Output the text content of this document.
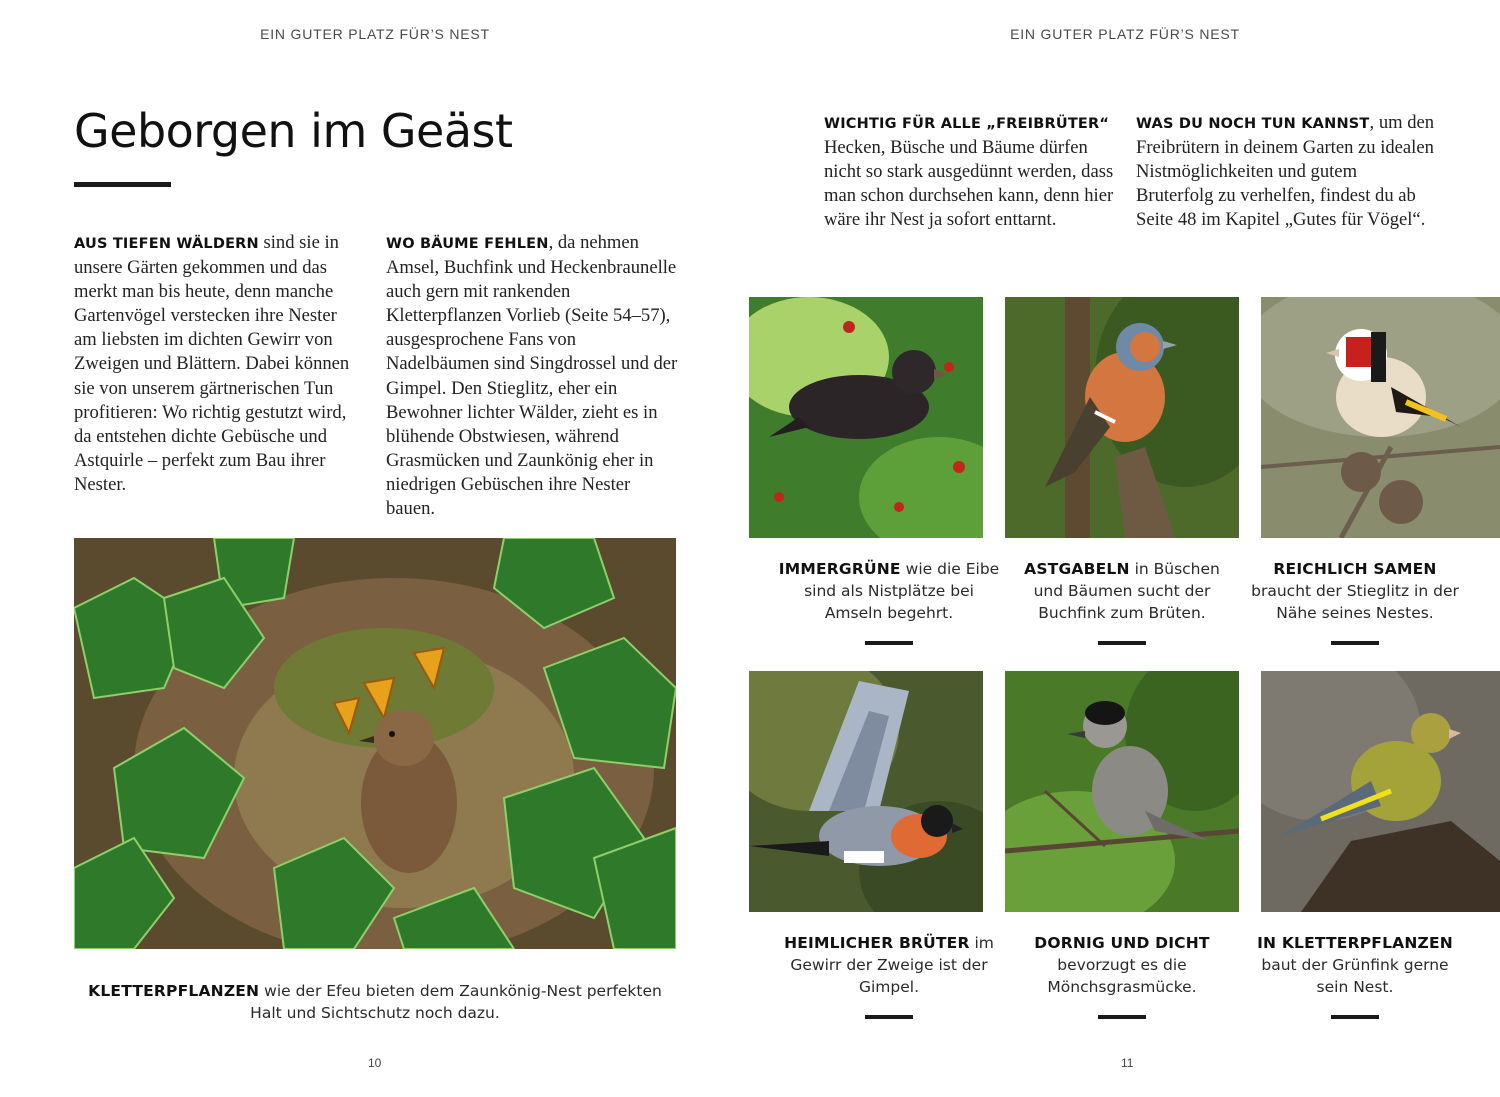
EIN GUTER PLATZ FÜR’S NEST
Geborgen im Geäst

AUS TIEFEN WÄLDERN sind sie in unsere Gärten gekommen und das merkt man bis heute, denn manche Gartenvögel verstecken ihre Nester am liebsten im dichten Gewirr von Zweigen und Blättern. Dabei können sie von unserem gärtnerischen Tun profitieren: Wo richtig gestutzt wird, da entstehen dichte Gebüsche und Astquirle – perfekt zum Bau ihrer Nester.

WO BÄUME FEHLEN, da nehmen Amsel, Buchfink und Heckenbraunelle auch gern mit rankenden Kletterpflanzen Vorlieb (Seite 54–57), ausgesprochene Fans von Nadelbäumen sind Singdrossel und der Gimpel. Den Stieglitz, eher ein Bewohner lichter Wälder, zieht es in blühende Obstwiesen, während Grasmücken und Zaunkönig eher in niedrigen Gebüschen ihre Nester bauen.

KLETTERPFLANZEN wie der Efeu bieten dem Zaunkönig-Nest perfekten Halt und Sichtschutz noch dazu.
10
EIN GUTER PLATZ FÜR’S NEST

WICHTIG FÜR ALLE „FREIBRÜTER“ Hecken, Büsche und Bäume dürfen nicht so stark ausgedünnt werden, dass man schon durchsehen kann, denn hier wäre ihr Nest ja sofort enttarnt.

WAS DU NOCH TUN KANNST, um den Freibrütern in deinem Garten zu idealen Nistmöglichkeiten und gutem Bruterfolg zu verhelfen, findest du ab Seite 48 im Kapitel „Gutes für Vögel“.

IMMERGRÜNE wie die Eibe sind als Nistplätze bei Amseln begehrt.
ASTGABELN in Büschen und Bäumen sucht der Buchfink zum Brüten.
REICHLICH SAMEN braucht der Stieglitz in der Nähe seines Nestes.
HEIMLICHER BRÜTER im Gewirr der Zweige ist der Gimpel.
DORNIG UND DICHT bevorzugt es die Mönchsgrasmücke.
IN KLETTERPFLANZEN baut der Grünfink gerne sein Nest.
11
